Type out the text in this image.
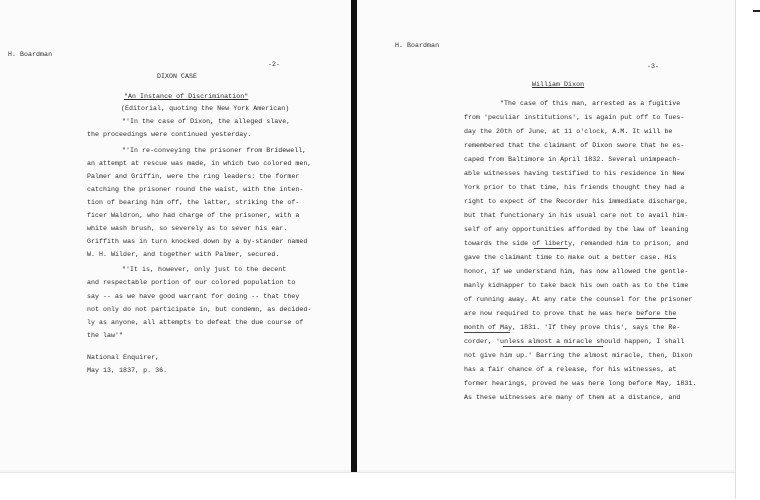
H. Boardman
-2-
DIXON CASE
"An Instance of Discrimination"
(Editorial, quoting the New York American)
"'In the case of Dixon, the alleged slave,
the proceedings were continued yesterday.
"'In re-conveying the prisoner from Bridewell,
an attempt at rescue was made, in which two colored men,
Palmer and Griffin, were the ring leaders: the former
catching the prisoner round the waist, with the inten-
tion of bearing him off, the latter, striking the of-
ficer Waldron, who had charge of the prisoner, with a
white wash brush, so severely as to sever his ear.
Griffith was in turn knocked down by a by-stander named
W. H. Wilder, and together with Palmer, secured.
"'It is, however, only just to the decent
and respectable portion of our colored population to
say -- as we have good warrant for doing -- that they
not only do not participate in, but condemn, as decided-
ly as anyone, all attempts to defeat the due course of
the law'"
National Enquirer,
May 13, 1837, p. 36.
H. Boardman
-3-
William Dixon
"The case of this man, arrested as a fugitive
from 'peculiar institutions', is again put off to Tues-
day the 20th of June, at 11 o'clock, A.M. It will be
remembered that the claimant of Dixon swore that he es-
caped from Baltimore in April 1832. Several unimpeach-
able witnesses having testified to his residence in New
York prior to that time, his friends thought they had a
right to expect of the Recorder his immediate discharge,
but that functionary in his usual care not to avail him-
self of any opportunities afforded by the law of leaning
towards the side of liberty, remanded him to prison, and
gave the claimant time to make out a better case. His
honor, if we understand him, has now allowed the gentle-
manly kidnapper to take back his own oath as to the time
of running away. At any rate the counsel for the prisoner
are now required to prove that he was here before the
month of May, 1831. 'If they prove this', says the Re-
corder, 'unless almost a miracle should happen, I shall
not give him up.' Barring the almost miracle, then, Dixon
has a fair chance of a release, for his witnesses, at
former hearings, proved he was here long before May, 1831.
As these witnesses are many of them at a distance, and
